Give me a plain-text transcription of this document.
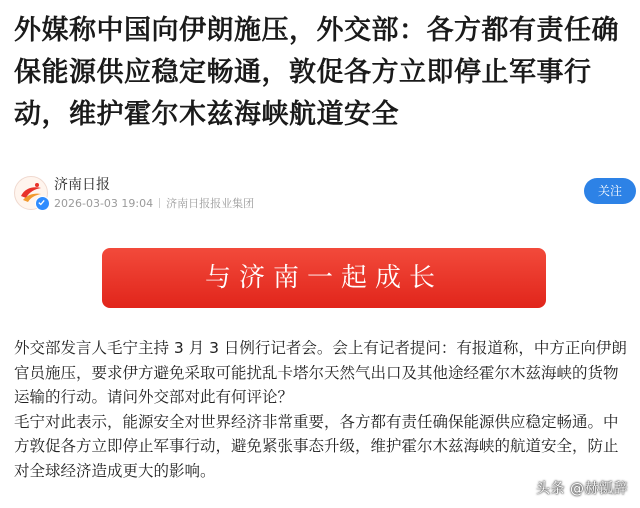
外媒称中国向伊朗施压，外交部：各方都有责任确保能源供应稳定畅通，敦促各方立即停止军事行动，维护霍尔木兹海峡航道安全
济南日报
2026-03-03 19:04 济南日报报业集团
关注
与济南一起成长

外交部发言人毛宁主持 3 月 3 日例行记者会。会上有记者提问：有报道称，中方正向伊朗官员施压，要求伊方避免采取可能扰乱卡塔尔天然气出口及其他途经霍尔木兹海峡的货物运输的行动。请问外交部对此有何评论？

毛宁对此表示，能源安全对世界经济非常重要，各方都有责任确保能源供应稳定畅通。中方敦促各方立即停止军事行动，避免紧张事态升级，维护霍尔木兹海峡的航道安全，防止对全球经济造成更大的影响。

头条 @赫瓤辞
